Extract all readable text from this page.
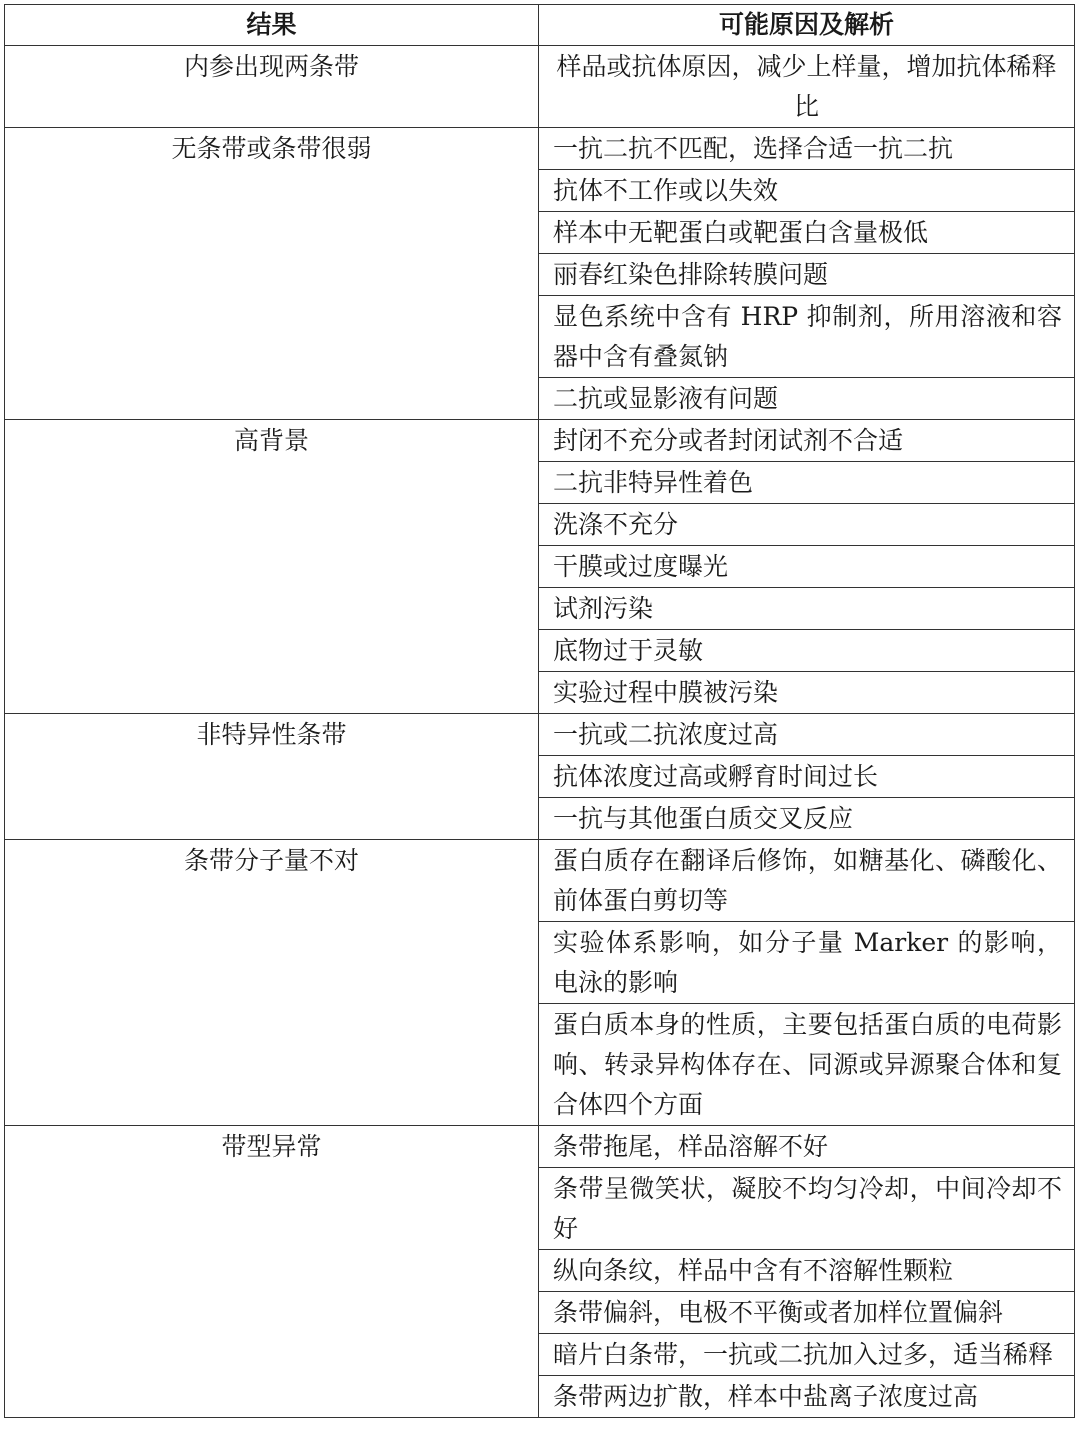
结果	可能原因及解析
内参出现两条带	样品或抗体原因，减少上样量，增加抗体稀释比
无条带或条带很弱	一抗二抗不匹配，选择合适一抗二抗
	抗体不工作或以失效
	样本中无靶蛋白或靶蛋白含量极低
	丽春红染色排除转膜问题
	显色系统中含有 HRP 抑制剂，所用溶液和容器中含有叠氮钠
	二抗或显影液有问题
高背景	封闭不充分或者封闭试剂不合适
	二抗非特异性着色
	洗涤不充分
	干膜或过度曝光
	试剂污染
	底物过于灵敏
	实验过程中膜被污染
非特异性条带	一抗或二抗浓度过高
	抗体浓度过高或孵育时间过长
	一抗与其他蛋白质交叉反应
条带分子量不对	蛋白质存在翻译后修饰，如糖基化、磷酸化、前体蛋白剪切等
	实验体系影响，如分子量 Marker 的影响，电泳的影响
	蛋白质本身的性质，主要包括蛋白质的电荷影响、转录异构体存在、同源或异源聚合体和复合体四个方面
带型异常	条带拖尾，样品溶解不好
	条带呈微笑状，凝胶不均匀冷却，中间冷却不好
	纵向条纹，样品中含有不溶解性颗粒
	条带偏斜，电极不平衡或者加样位置偏斜
	暗片白条带，一抗或二抗加入过多，适当稀释
	条带两边扩散，样本中盐离子浓度过高
